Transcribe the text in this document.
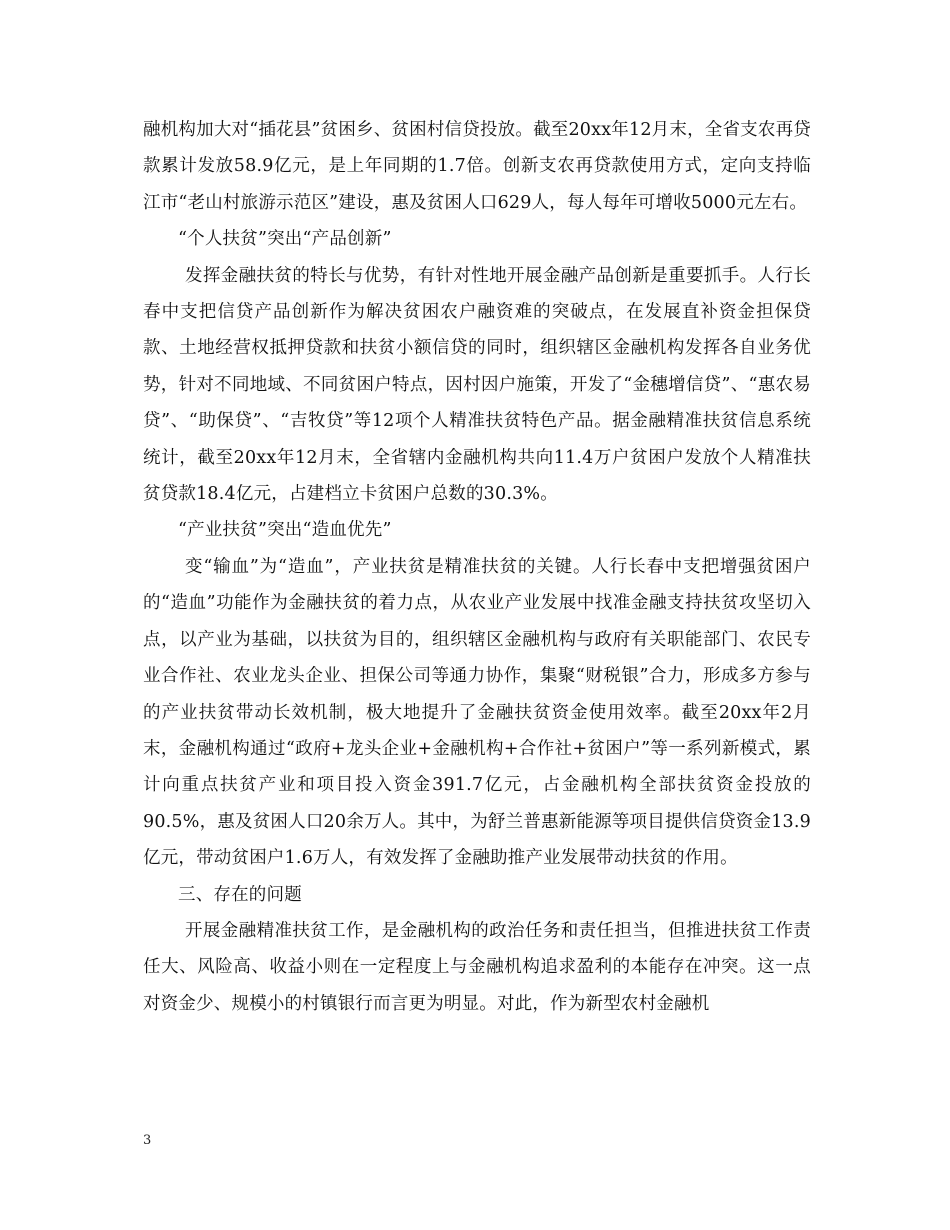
融机构加大对“插花县”贫困乡、贫困村信贷投放。截至20xx年12月末，全省支农再贷款累计发放58.9亿元，是上年同期的1.7倍。创新支农再贷款使用方式，定向支持临江市“老山村旅游示范区”建设，惠及贫困人口629人，每人每年可增收5000元左右。

“个人扶贫”突出“产品创新”

发挥金融扶贫的特长与优势，有针对性地开展金融产品创新是重要抓手。人行长春中支把信贷产品创新作为解决贫困农户融资难的突破点，在发展直补资金担保贷款、土地经营权抵押贷款和扶贫小额信贷的同时，组织辖区金融机构发挥各自业务优势，针对不同地域、不同贫困户特点，因村因户施策，开发了“金穗增信贷”、“惠农易贷”、“助保贷”、“吉牧贷”等12项个人精准扶贫特色产品。据金融精准扶贫信息系统统计，截至20xx年12月末，全省辖内金融机构共向11.4万户贫困户发放个人精准扶贫贷款18.4亿元，占建档立卡贫困户总数的30.3%。

“产业扶贫”突出“造血优先”

变“输血”为“造血”，产业扶贫是精准扶贫的关键。人行长春中支把增强贫困户的“造血”功能作为金融扶贫的着力点，从农业产业发展中找准金融支持扶贫攻坚切入点，以产业为基础，以扶贫为目的，组织辖区金融机构与政府有关职能部门、农民专业合作社、农业龙头企业、担保公司等通力协作，集聚“财税银”合力，形成多方参与的产业扶贫带动长效机制，极大地提升了金融扶贫资金使用效率。截至20xx年2月末，金融机构通过“政府+龙头企业+金融机构+合作社+贫困户”等一系列新模式，累计向重点扶贫产业和项目投入资金391.7亿元，占金融机构全部扶贫资金投放的90.5%，惠及贫困人口20余万人。其中，为舒兰普惠新能源等项目提供信贷资金13.9亿元，带动贫困户1.6万人，有效发挥了金融助推产业发展带动扶贫的作用。

三、存在的问题

开展金融精准扶贫工作，是金融机构的政治任务和责任担当，但推进扶贫工作责任大、风险高、收益小则在一定程度上与金融机构追求盈利的本能存在冲突。这一点对资金少、规模小的村镇银行而言更为明显。对此，作为新型农村金融机

3
